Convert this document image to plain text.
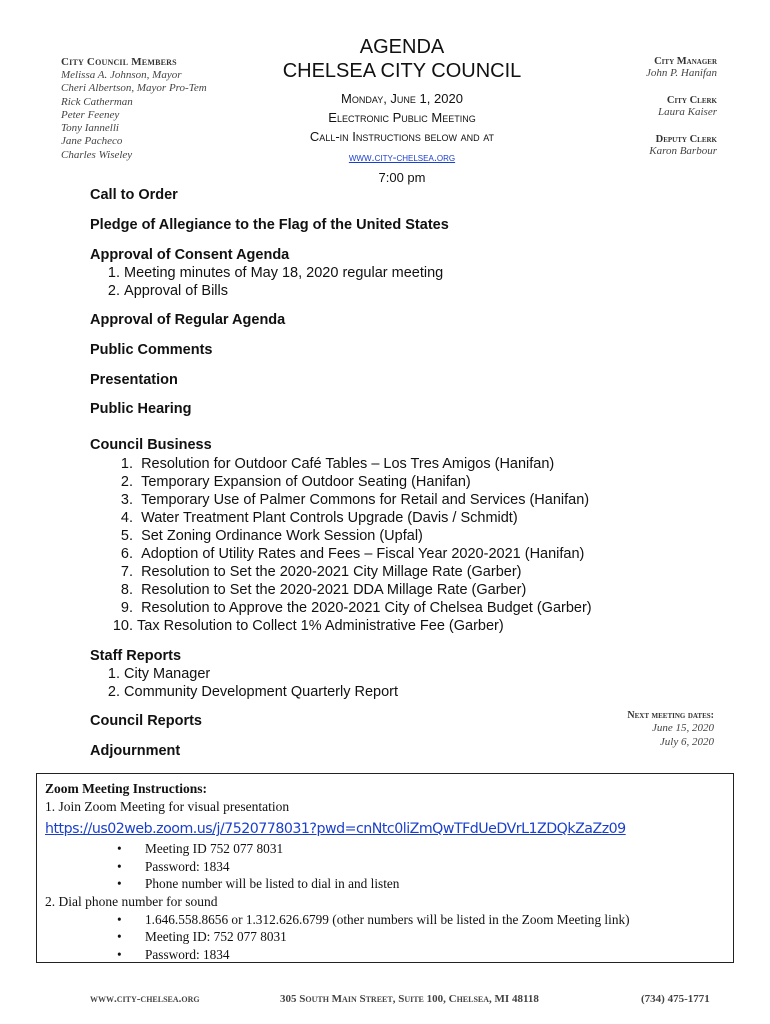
City Council Members
Melissa A. Johnson, Mayor
Cheri Albertson, Mayor Pro-Tem
Rick Catherman
Peter Feeney
Tony Iannelli
Jane Pacheco
Charles Wiseley
AGENDA
CHELSEA CITY COUNCIL
Monday, June 1, 2020
Electronic Public Meeting
Call-in Instructions below and at
www.city-chelsea.org
7:00 pm
City Manager
John P. Hanifan
City Clerk
Laura Kaiser
Deputy Clerk
Karon Barbour
Call to Order
Pledge of Allegiance to the Flag of the United States
Approval of Consent Agenda
1. Meeting minutes of May 18, 2020 regular meeting
2. Approval of Bills
Approval of Regular Agenda
Public Comments
Presentation
Public Hearing
Council Business
1. Resolution for Outdoor Café Tables – Los Tres Amigos (Hanifan)
2. Temporary Expansion of Outdoor Seating (Hanifan)
3. Temporary Use of Palmer Commons for Retail and Services (Hanifan)
4. Water Treatment Plant Controls Upgrade (Davis / Schmidt)
5. Set Zoning Ordinance Work Session (Upfal)
6. Adoption of Utility Rates and Fees – Fiscal Year 2020-2021 (Hanifan)
7. Resolution to Set the 2020-2021 City Millage Rate (Garber)
8. Resolution to Set the 2020-2021 DDA Millage Rate (Garber)
9. Resolution to Approve the 2020-2021 City of Chelsea Budget (Garber)
10. Tax Resolution to Collect 1% Administrative Fee (Garber)
Staff Reports
1. City Manager
2. Community Development Quarterly Report
Council Reports
Adjournment
Next meeting dates:
June 15, 2020
July 6, 2020
Zoom Meeting Instructions:
1. Join Zoom Meeting for visual presentation
https://us02web.zoom.us/j/7520778031?pwd=cnNtc0liZmQwTFdUeDVrL1ZDQkZaZz09
• Meeting ID 752 077 8031
• Password: 1834
• Phone number will be listed to dial in and listen
2. Dial phone number for sound
• 1.646.558.8656 or 1.312.626.6799 (other numbers will be listed in the Zoom Meeting link)
• Meeting ID: 752 077 8031
• Password: 1834
www.city-chelsea.org	305 South Main Street, Suite 100, Chelsea, MI 48118	(734) 475-1771
